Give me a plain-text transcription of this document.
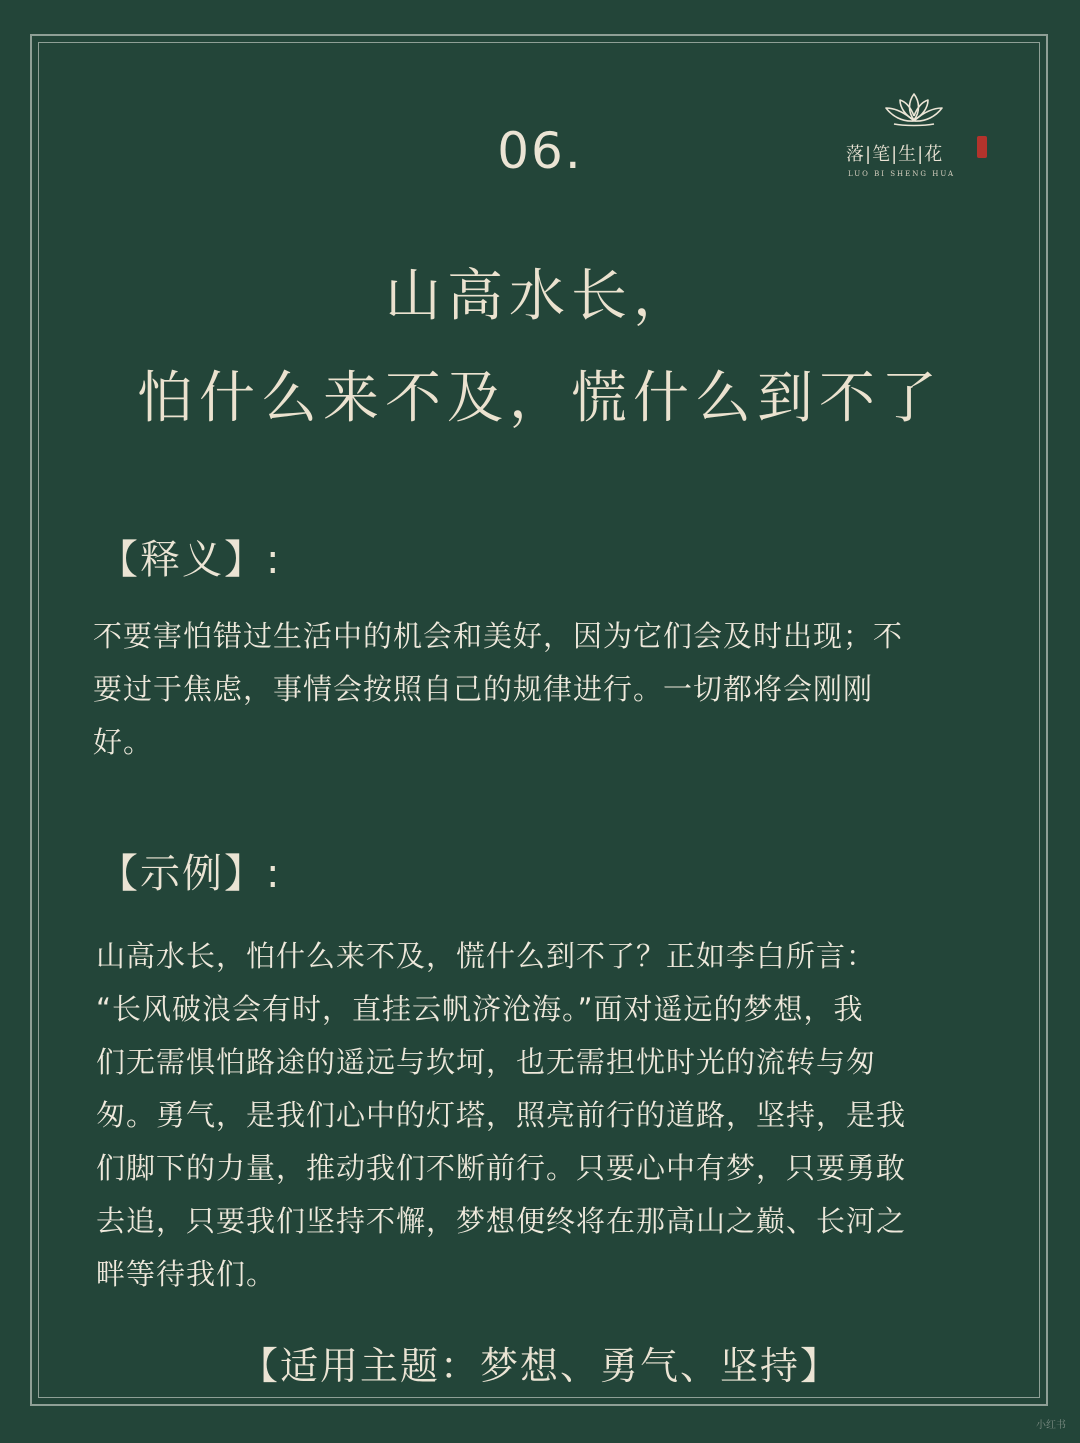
落|笔|生|花
LUO BI SHENG HUA
06.
山高水长，
怕什么来不及，慌什么到不了
【释义】:
不要害怕错过生活中的机会和美好，因为它们会及时出现；不
要过于焦虑，事情会按照自己的规律进行。一切都将会刚刚
好。
【示例】:
山高水长，怕什么来不及，慌什么到不了？正如李白所言：
“长风破浪会有时，直挂云帆济沧海。”面对遥远的梦想，我
们无需惧怕路途的遥远与坎坷，也无需担忧时光的流转与匆
匆。勇气，是我们心中的灯塔，照亮前行的道路，坚持，是我
们脚下的力量，推动我们不断前行。只要心中有梦，只要勇敢
去追，只要我们坚持不懈，梦想便终将在那高山之巅、长河之
畔等待我们。
【适用主题：梦想、勇气、坚持】
小红书
